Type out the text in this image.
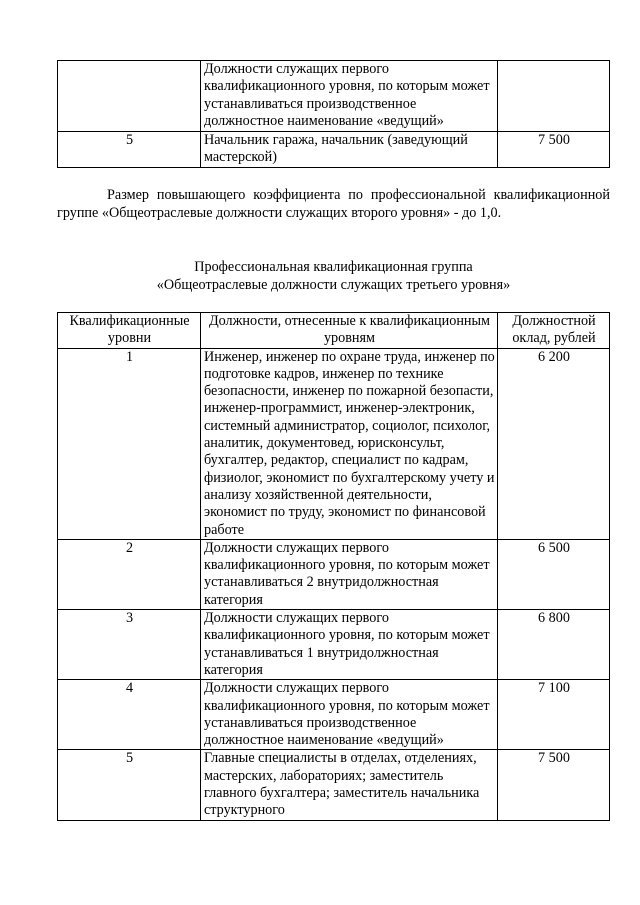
	Должности служащих первого квалификационного уровня, по которым может устанавливаться производственное должностное наименование «ведущий»	
5	Начальник гаража, начальник (заведующий мастерской)	7 500
Размер повышающего коэффициента по профессиональной квалификационной группе «Общеотраслевые должности служащих второго уровня» - до 1,0.
Профессиональная квалификационная группа
«Общеотраслевые должности служащих третьего уровня»
Квалификационные уровни	Должности, отнесенные к квалификационным уровням	Должностной оклад, рублей
1	Инженер, инженер по охране труда, инженер по подготовке кадров, инженер по технике безопасности, инженер по пожарной безопасти, инженер-программист, инженер-электроник, системный администратор, социолог, психолог, аналитик, документовед, юрисконсульт, бухгалтер, редактор, специалист по кадрам, физиолог, экономист по бухгалтерскому учету и анализу хозяйственной деятельности, экономист по труду, экономист по финансовой работе	6 200
2	Должности служащих первого квалификационного уровня, по которым может устанавливаться 2 внутридолжностная категория	6 500
3	Должности служащих первого квалификационного уровня, по которым может устанавливаться 1 внутридолжностная категория	6 800
4	Должности служащих первого квалификационного уровня, по которым может устанавливаться производственное должностное наименование «ведущий»	7 100
5	Главные специалисты в отделах, отделениях, мастерских, лабораториях; заместитель главного бухгалтера; заместитель начальника структурного	7 500
